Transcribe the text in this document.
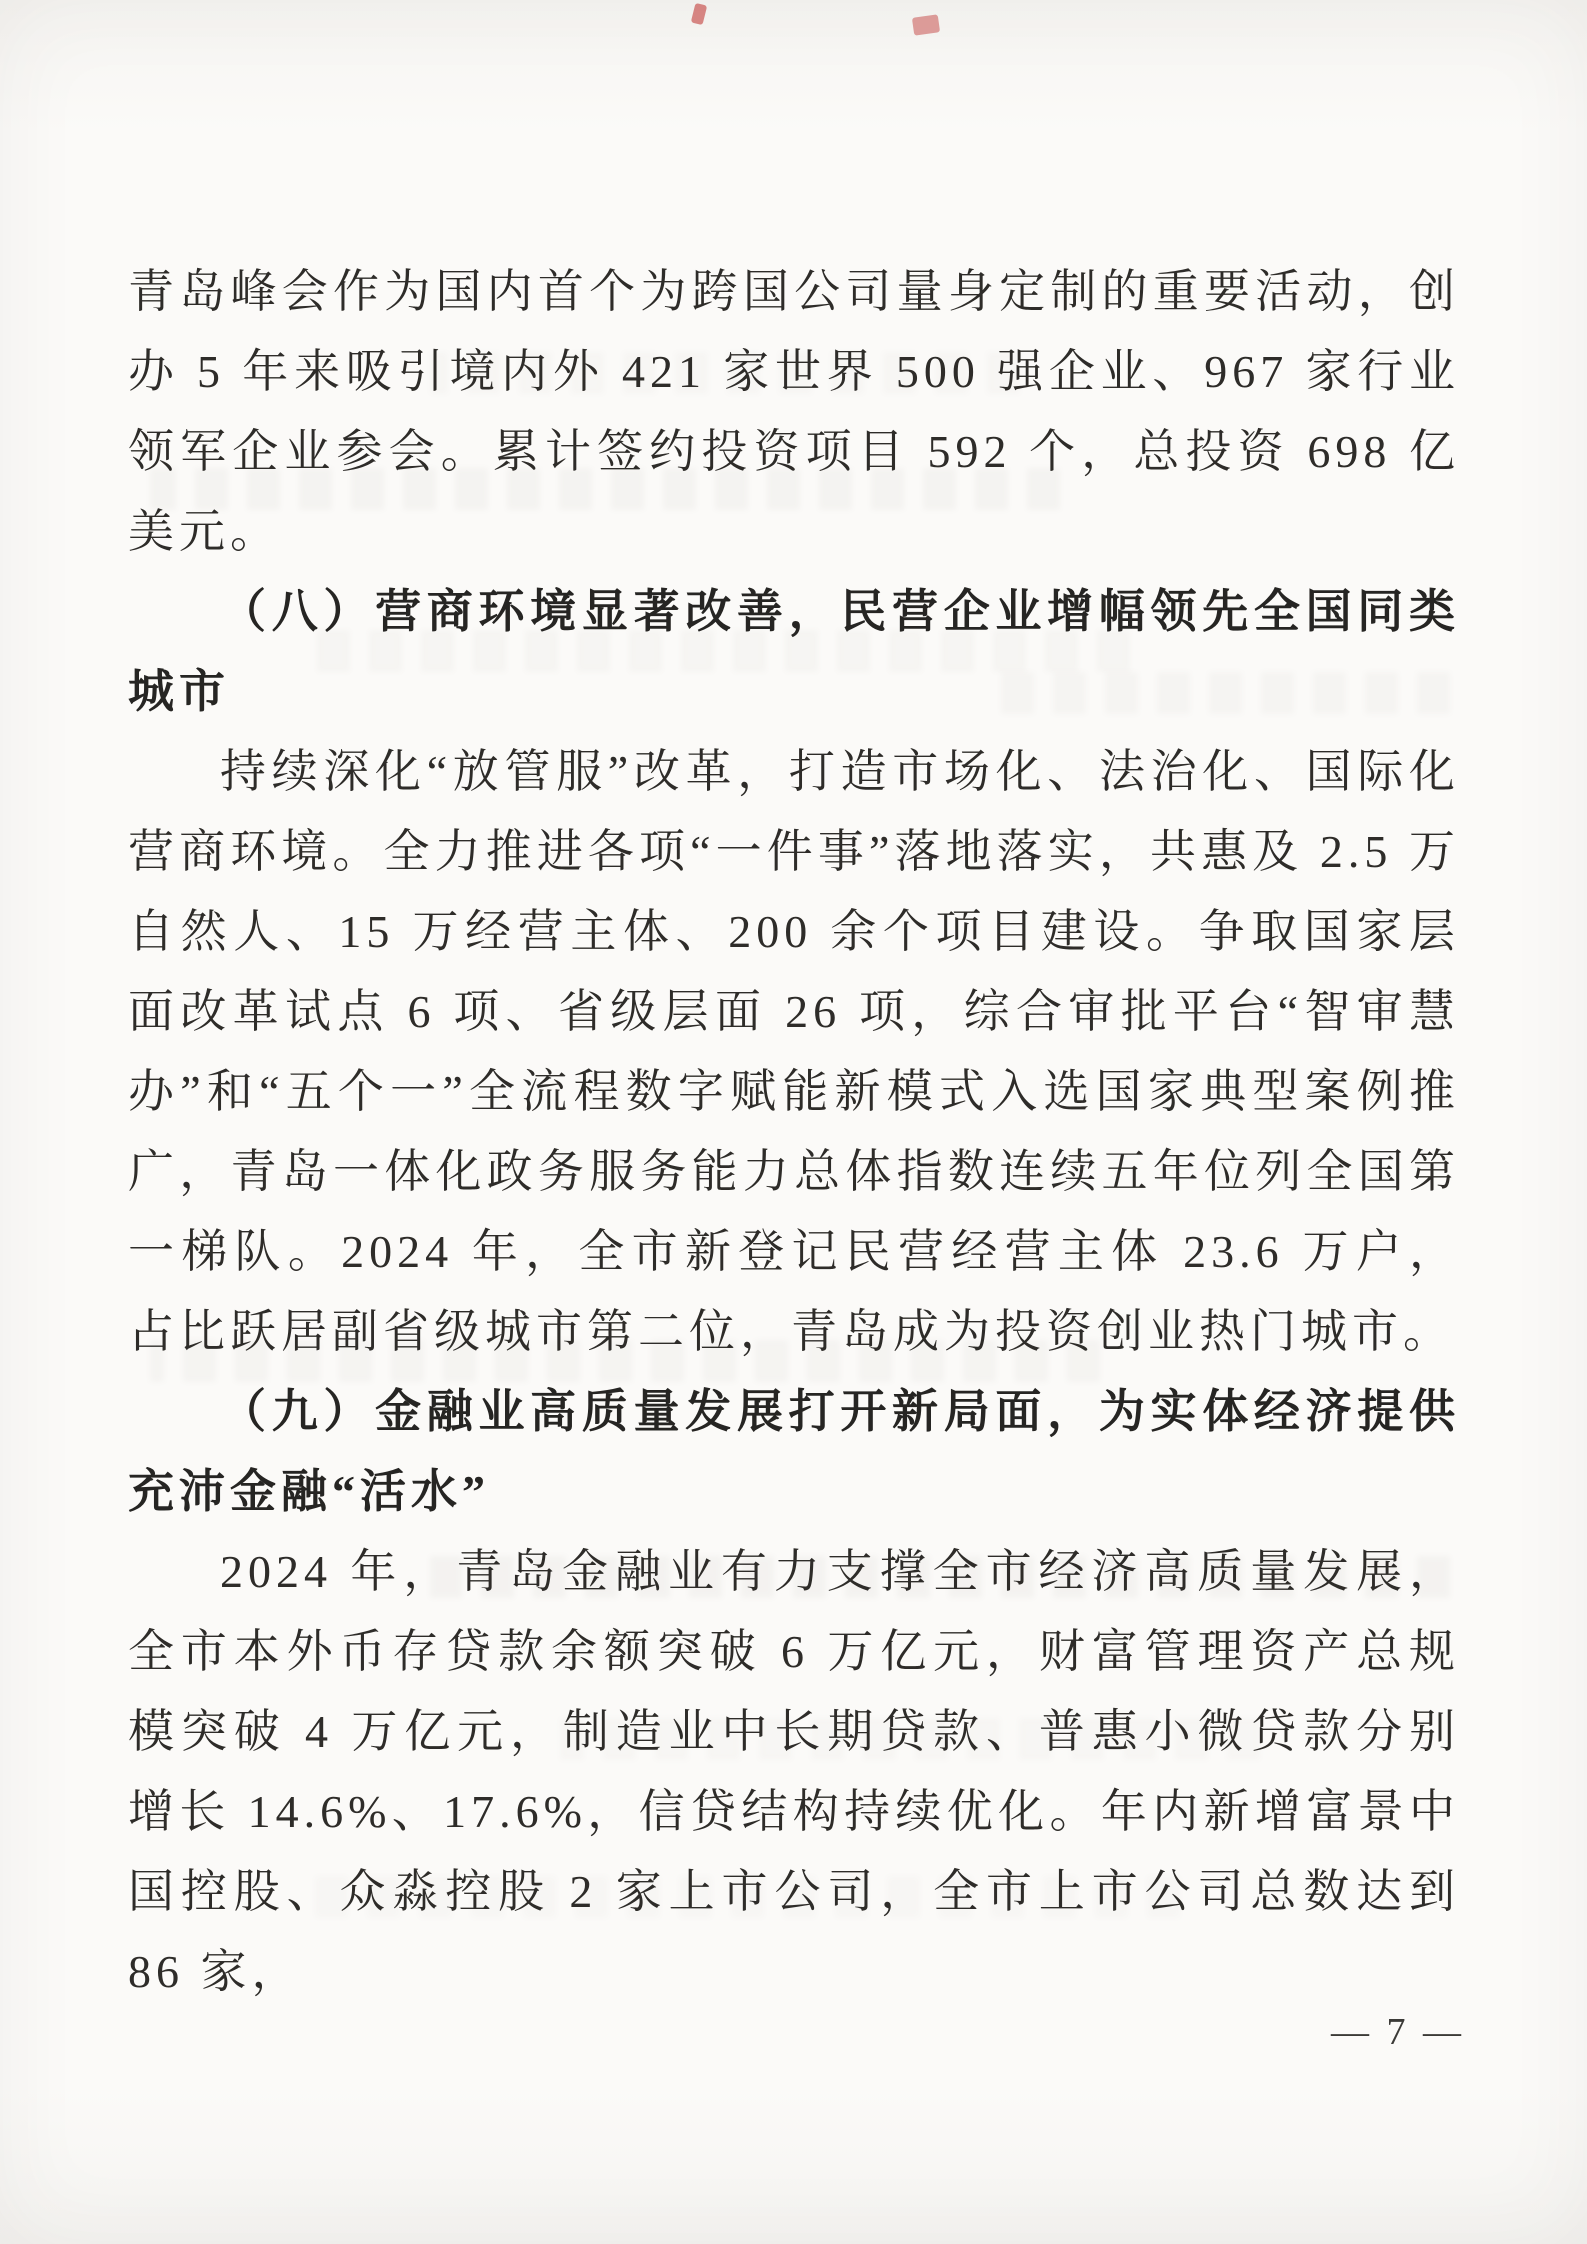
青岛峰会作为国内首个为跨国公司量身定制的重要活动，创办 5 年来吸引境内外 421 家世界 500 强企业、967 家行业领军企业参会。累计签约投资项目 592 个，总投资 698 亿美元。

（八）营商环境显著改善，民营企业增幅领先全国同类城市

持续深化“放管服”改革，打造市场化、法治化、国际化营商环境。全力推进各项“一件事”落地落实，共惠及 2.5 万自然人、15 万经营主体、200 余个项目建设。争取国家层面改革试点 6 项、省级层面 26 项，综合审批平台“智审慧办”和“五个一”全流程数字赋能新模式入选国家典型案例推广，青岛一体化政务服务能力总体指数连续五年位列全国第一梯队。2024 年，全市新登记民营经营主体 23.6 万户，占比跃居副省级城市第二位，青岛成为投资创业热门城市。

（九）金融业高质量发展打开新局面，为实体经济提供充沛金融“活水”

2024 年，青岛金融业有力支撑全市经济高质量发展，全市本外币存贷款余额突破 6 万亿元，财富管理资产总规模突破 4 万亿元，制造业中长期贷款、普惠小微贷款分别增长 14.6%、17.6%，信贷结构持续优化。年内新增富景中国控股、众淼控股 2 家上市公司，全市上市公司总数达到 86 家，

— 7 —
